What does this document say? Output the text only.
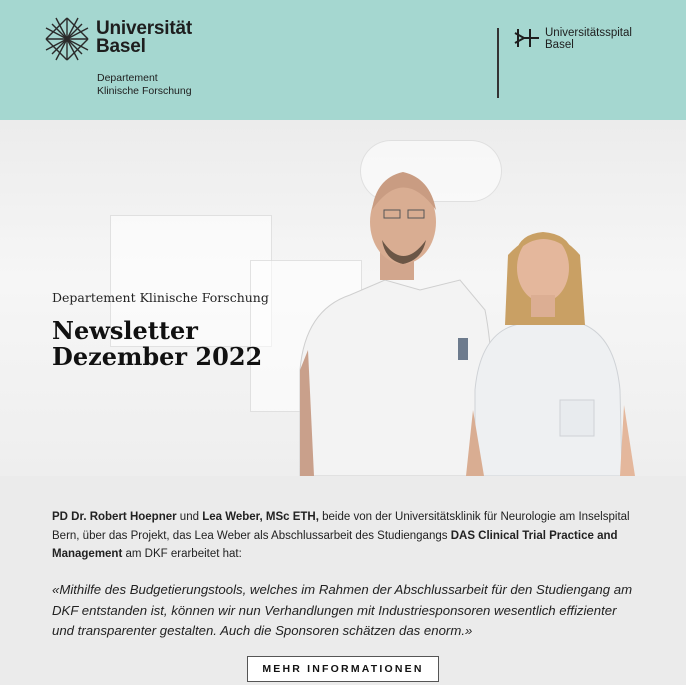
Universität
Basel
Departement
Klinische Forschung
Universitätsspital
Basel
Departement Klinische Forschung
Newsletter
Dezember 2022
PD Dr. Robert Hoepner und Lea Weber, MSc ETH, beide von der Universitätsklinik für Neurologie am Inselspital Bern, über das Projekt, das Lea Weber als Abschlussarbeit des Studiengangs DAS Clinical Trial Practice and Management am DKF erarbeitet hat:
«Mithilfe des Budgetierungstools, welches im Rahmen der Abschlussarbeit für den Studiengang am DKF entstanden ist, können wir nun Verhandlungen mit Industriesponsoren wesentlich effizienter und transparenter gestalten. Auch die Sponsoren schätzen das enorm.»
MEHR INFORMATIONEN
